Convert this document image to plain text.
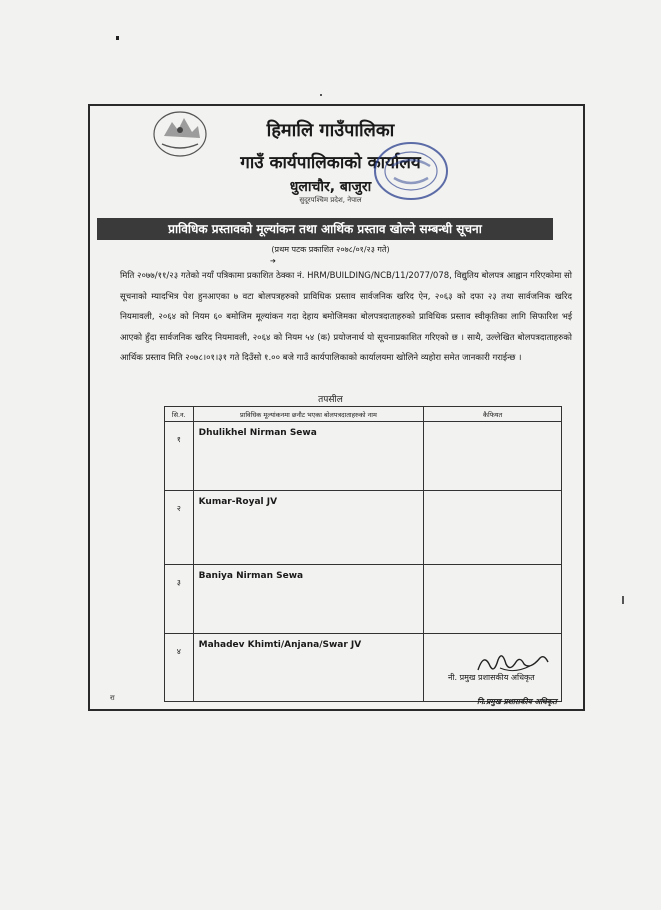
हिमालि गाउँपालिका
गाउँ कार्यपालिकाको कार्यालय
धुलाचौर, बाजुरा
सुदूरपश्चिम प्रदेश, नेपाल
प्राविधिक प्रस्तावको मूल्यांकन तथा आर्थिक प्रस्ताव खोल्ने सम्बन्धी सूचना
(प्रथम पटक प्रकाशित २०७८/०१/२३ गते)
➔
मिति २०७७/११/२३ गतेको नयाँ पत्रिकामा प्रकाशित ठेक्का नं. HRM/BUILDING/NCB/11/2077/078, विद्युतिय बोलपत्र आह्वान गरिएकोमा सो सूचनाको म्यादभित्र पेश हुनआएका ७ वटा बोलपत्रहरुको प्राविधिक प्रस्ताव सार्वजनिक खरिद ऐन, २०६३ को दफा २३ तथा सार्वजनिक खरिद नियमावली, २०६४ को नियम ६० बमोजिम मूल्यांकन गदा देहाय बमोजिमका बोलपत्रदाताहरुको प्राविधिक प्रस्ताव स्वीकृतिका लागि सिफारिश भई आएको हुँदा सार्वजनिक खरिद नियमावली, २०६४ को नियम ५४ (क) प्रयोजनार्थ यो सूचनाप्रकाशित गरिएको छ । साथै, उल्लेखित बोलपत्रदाताहरुको आर्थिक प्रस्ताव मिति २०७८।०१।३१ गते दिउँसो १.०० बजे गाउँ कार्यपालिकाको कार्यालयमा खोलिने व्यहोरा समेत जानकारी गराईन्छ ।
तपसील
सि.न.	प्राविधिक मूल्यांकनमा छनौट भएका बोलपत्रदाताहरुको नाम	कैफियत
१	Dhulikhel Nirman Sewa	
२	Kumar-Royal JV	
३	Baniya Nirman Sewa	
४	Mahadev Khimti/Anjana/Swar JV	
नी. प्रमुख प्रशासकीय अधिकृत
नि.प्रमुख प्रशासकीय अधिकृत
रा
